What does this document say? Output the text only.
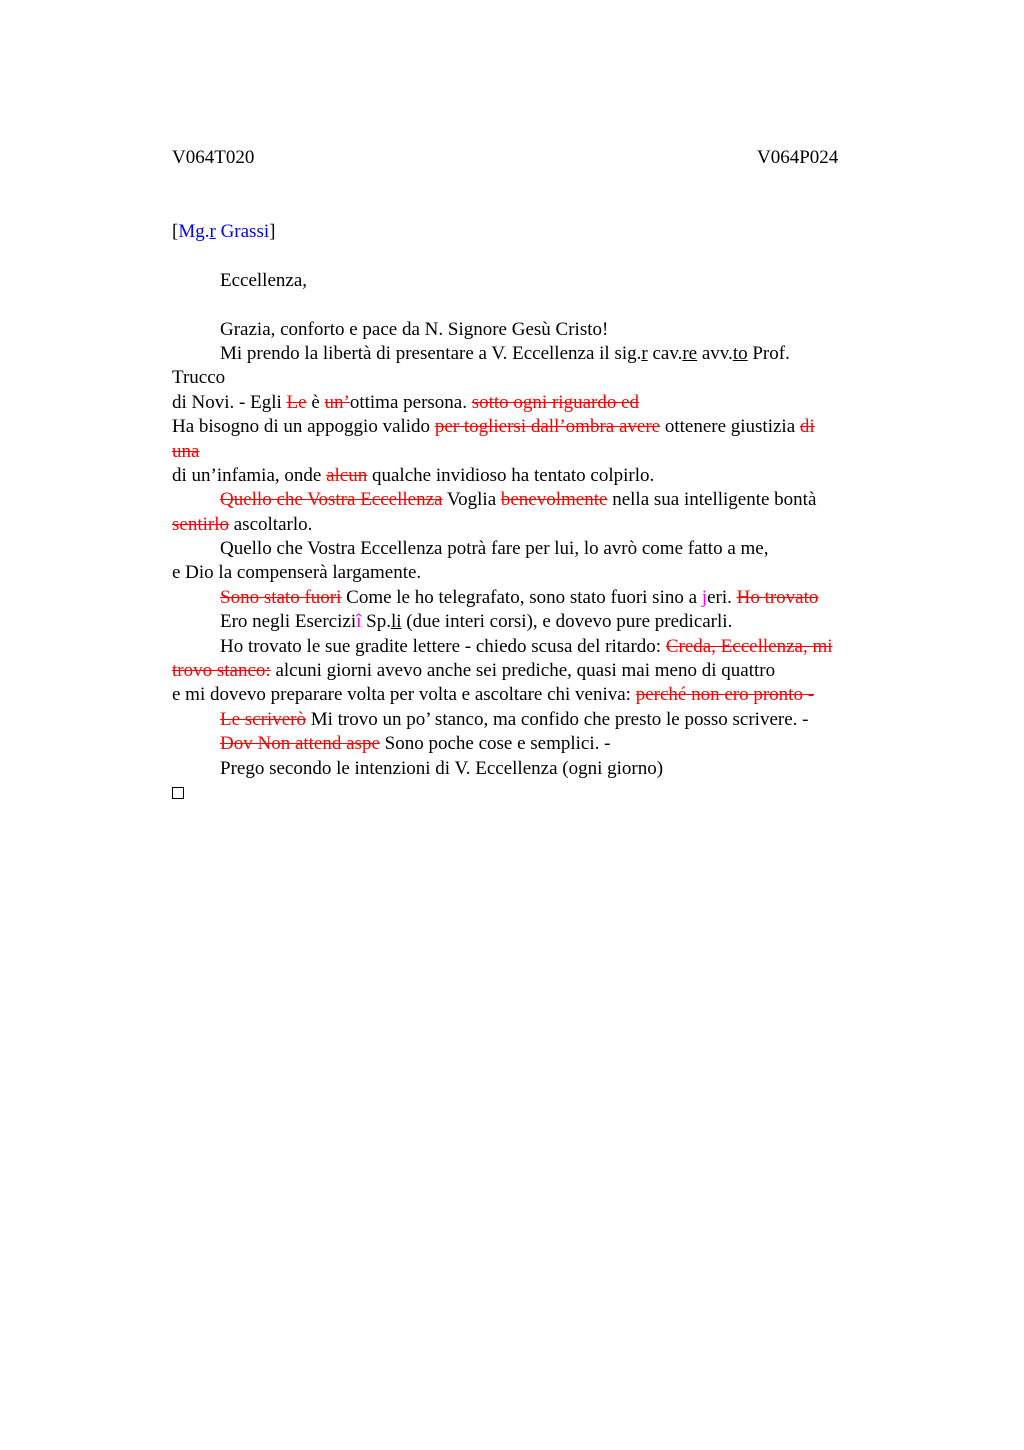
V064T020	V064P024
[Mg.r Grassi]
Eccellenza,
Grazia, conforto e pace da N. Signore Gesù Cristo!
Mi prendo la libertà di presentare a V. Eccellenza il sig.r cav.re avv.to Prof.
Trucco
di Novi. - Egli Le è un’ottima persona. sotto ogni riguardo ed
Ha bisogno di un appoggio valido per togliersi dall’ombra avere ottenere giustizia di
una
di un’infamia, onde alcun qualche invidioso ha tentato colpirlo.
Quello che Vostra Eccellenza Voglia benevolmente nella sua intelligente bontà
sentirlo ascoltarlo.
Quello che Vostra Eccellenza potrà fare per lui, lo avrò come fatto a me,
e Dio la compenserà largamente.
Sono stato fuori Come le ho telegrafato, sono stato fuori sino a jeri. Ho trovato
Ero negli Eserciziî Sp.li (due interi corsi), e dovevo pure predicarli.
Ho trovato le sue gradite lettere - chiedo scusa del ritardo: Creda, Eccellenza, mi
trovo stanco: alcuni giorni avevo anche sei prediche, quasi mai meno di quattro
e mi dovevo preparare volta per volta e ascoltare chi veniva: perché non ero pronto -
Le scriverò Mi trovo un po’ stanco, ma confido che presto le posso scrivere. -
Dov Non attend aspe Sono poche cose e semplici. -
Prego secondo le intenzioni di V. Eccellenza (ogni giorno)
